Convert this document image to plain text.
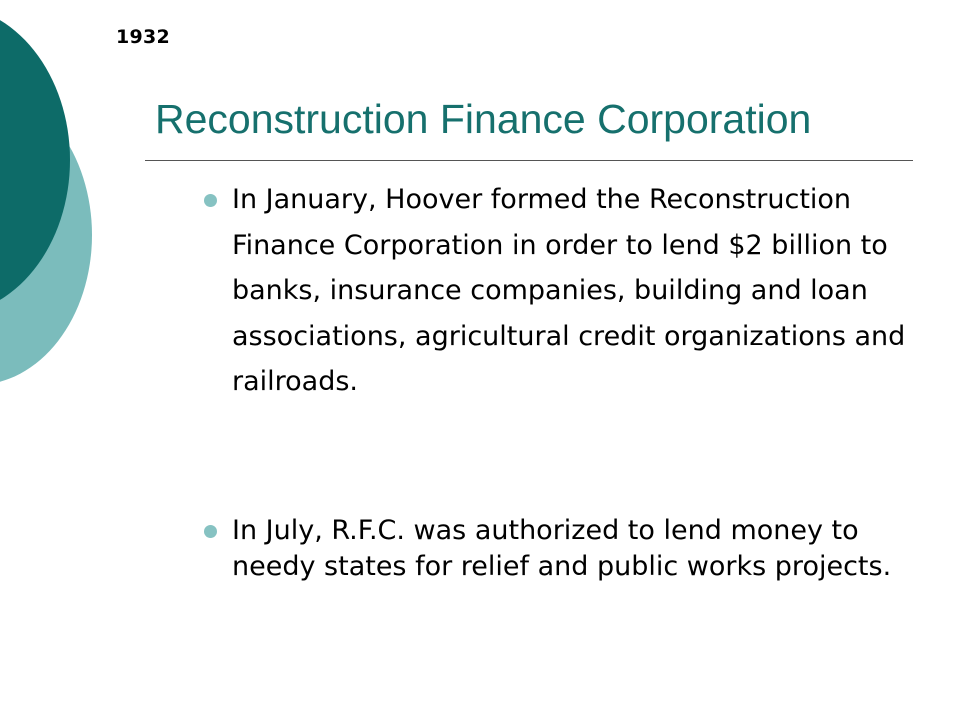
1932
Reconstruction Finance Corporation
In January, Hoover formed the Reconstruction Finance Corporation in order to lend $2 billion to banks, insurance companies, building and loan associations, agricultural credit organizations and railroads.
In July, R.F.C. was authorized to lend money to needy states for relief and public works projects.
